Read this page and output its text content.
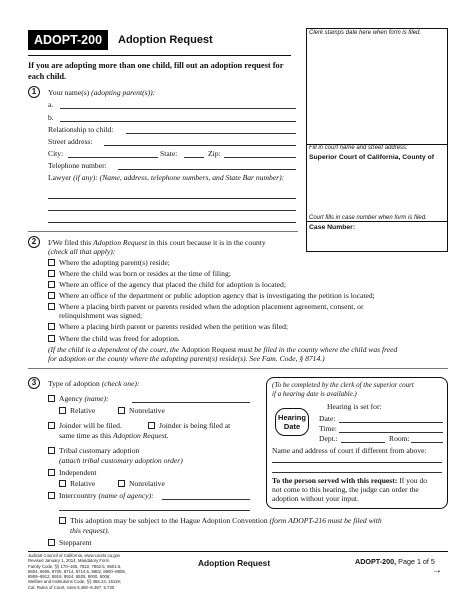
ADOPT-200	Adoption Request
Clerk stamps date here when form is filed.
Fill in court name and street address:
Superior Court of California, County of
Court fills in case number when form is filed.
Case Number:
If you are adopting more than one child, fill out an adoption request for each child.
1	Your name(s) (adopting parent(s)):
a.
b.
Relationship to child:
Street address:
City:	State:	Zip:
Telephone number:
Lawyer (if any): (Name, address, telephone numbers, and State Bar number):
2	I/We filed this Adoption Request in this court because it is in the county
(check all that apply):
Where the adopting parent(s) reside;
Where the child was born or resides at the time of filing;
Where an office of the agency that placed the child for adoption is located;
Where an office of the department or public adoption agency that is investigating the petition is located;
Where a placing birth parent or parents resided when the adoption placement agreement, consent, or
relinquishment was signed;
Where a placing birth parent or parents resided when the petition was filed;
Where the child was freed for adoption.
(If the child is a dependent of the court, the Adoption Request must be filed in the county where the child was freed
for adoption or the county where the adopting parent(s) reside(s). See Fam. Code, § 8714.)
3	Type of adoption (check one):
Agency (name):
Relative	Nonrelative
Joinder will be filed.	Joinder is being filed at
same time as this Adoption Request.
Tribal customary adoption
(attach tribal customary adoption order)
Independent
Relative	Nonrelative
Intercountry (name of agency):
This adoption may be subject to the Hague Adoption Convention (form ADOPT-216 must be filed with
this request).
Stepparent
(To be completed by the clerk of the superior court
if a hearing date is available.)
Hearing
Date
Hearing is set for:
Date:
Time:
Dept.:	Room:
Name and address of court if different from above:
To the person served with this request: If you do
not come to this hearing, the judge can order the
adoption without your input.
Judicial Council of California, www.courts.ca.gov
Revised January 1, 2014, Mandatory Form
Family Code, §§ 170–185, 7822, 7862.5, 8601.5,
8604, 8606, 8700, 8714, 8714.5, 8802, 8900–8905,
8909–8912, 8919, 8924, 8925, 9000, 9006;
Welfare and Institutions Code, §§ 366.24, 16119;
Cal. Rules of Court, rules 5.480–5.487, 5.730
Adoption Request	ADOPT-200, Page 1 of 5
→
